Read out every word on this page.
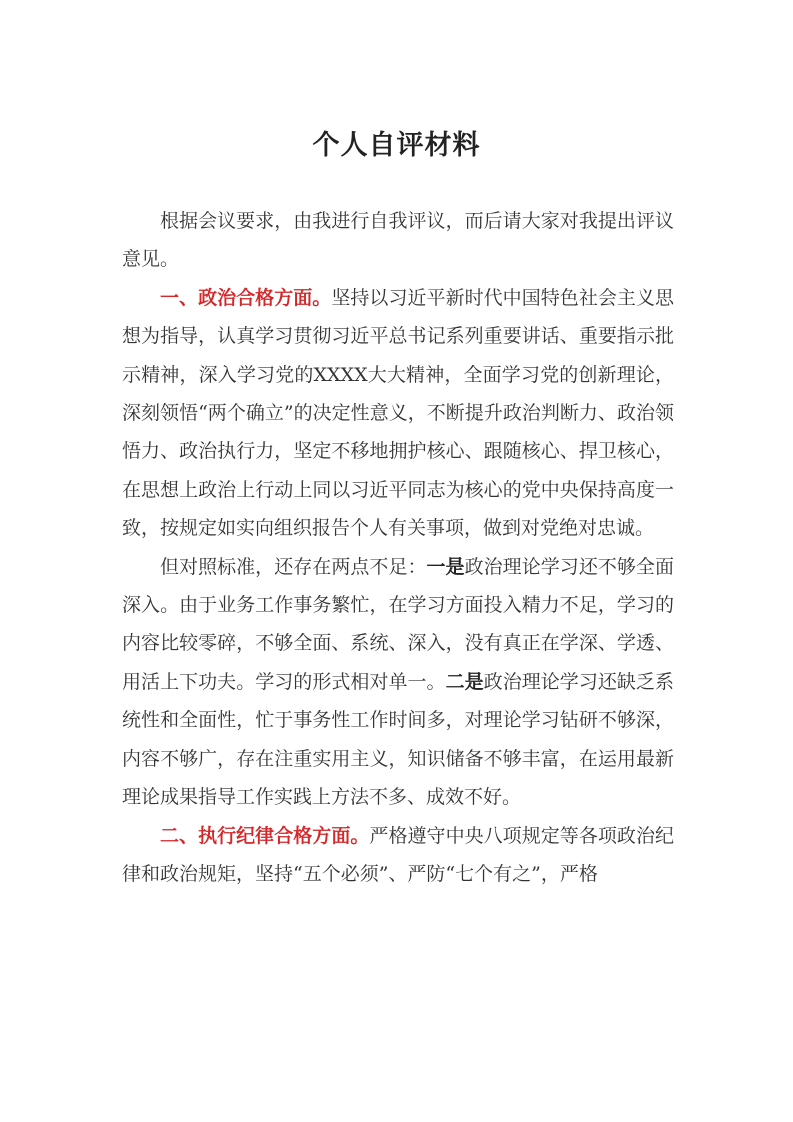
个人自评材料

根据会议要求，由我进行自我评议，而后请大家对我提出评议意见。

一、政治合格方面。坚持以习近平新时代中国特色社会主义思想为指导，认真学习贯彻习近平总书记系列重要讲话、重要指示批示精神，深入学习党的XXXX大大精神，全面学习党的创新理论，深刻领悟“两个确立”的决定性意义，不断提升政治判断力、政治领悟力、政治执行力，坚定不移地拥护核心、跟随核心、捍卫核心，在思想上政治上行动上同以习近平同志为核心的党中央保持高度一致，按规定如实向组织报告个人有关事项，做到对党绝对忠诚。

但对照标准，还存在两点不足：一是政治理论学习还不够全面深入。由于业务工作事务繁忙，在学习方面投入精力不足，学习的内容比较零碎，不够全面、系统、深入，没有真正在学深、学透、用活上下功夫。学习的形式相对单一。二是政治理论学习还缺乏系统性和全面性，忙于事务性工作时间多，对理论学习钻研不够深，内容不够广，存在注重实用主义，知识储备不够丰富，在运用最新理论成果指导工作实践上方法不多、成效不好。

二、执行纪律合格方面。严格遵守中央八项规定等各项政治纪律和政治规矩，坚持“五个必须”、严防“七个有之”，严格
